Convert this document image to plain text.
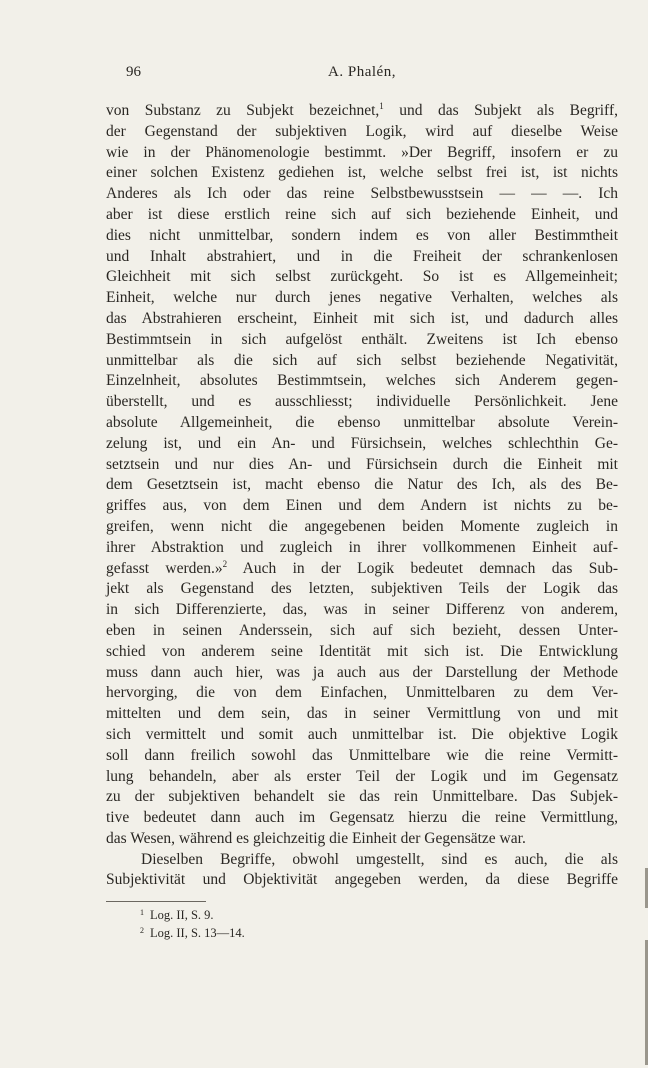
96	A. Phalén,
von Substanz zu Subjekt bezeichnet,$^1$ und das Subjekt als Begriff,
der Gegenstand der subjektiven Logik, wird auf dieselbe Weise
wie in der Phänomenologie bestimmt. »Der Begriff, insofern er zu
einer solchen Existenz gediehen ist, welche selbst frei ist, ist nichts
Anderes als Ich oder das reine Selbstbewusstsein — — —. Ich
aber ist diese erstlich reine sich auf sich beziehende Einheit, und
dies nicht unmittelbar, sondern indem es von aller Bestimmtheit
und Inhalt abstrahiert, und in die Freiheit der schrankenlosen
Gleichheit mit sich selbst zurückgeht. So ist es Allgemeinheit;
Einheit, welche nur durch jenes negative Verhalten, welches als
das Abstrahieren erscheint, Einheit mit sich ist, und dadurch alles
Bestimmtsein in sich aufgelöst enthält. Zweitens ist Ich ebenso
unmittelbar als die sich auf sich selbst beziehende Negativität,
Einzelnheit, absolutes Bestimmtsein, welches sich Anderem gegen-
überstellt, und es ausschliesst; individuelle Persönlichkeit. Jene
absolute Allgemeinheit, die ebenso unmittelbar absolute Verein-
zelung ist, und ein An- und Fürsichsein, welches schlechthin Ge-
setztsein und nur dies An- und Fürsichsein durch die Einheit mit
dem Gesetztsein ist, macht ebenso die Natur des Ich, als des Be-
griffes aus, von dem Einen und dem Andern ist nichts zu be-
greifen, wenn nicht die angegebenen beiden Momente zugleich in
ihrer Abstraktion und zugleich in ihrer vollkommenen Einheit auf-
gefasst werden.»$^2$ Auch in der Logik bedeutet demnach das Sub-
jekt als Gegenstand des letzten, subjektiven Teils der Logik das
in sich Differenzierte, das, was in seiner Differenz von anderem,
eben in seinen Anderssein, sich auf sich bezieht, dessen Unter-
schied von anderem seine Identität mit sich ist. Die Entwicklung
muss dann auch hier, was ja auch aus der Darstellung der Methode
hervorging, die von dem Einfachen, Unmittelbaren zu dem Ver-
mittelten und dem sein, das in seiner Vermittlung von und mit
sich vermittelt und somit auch unmittelbar ist. Die objektive Logik
soll dann freilich sowohl das Unmittelbare wie die reine Vermitt-
lung behandeln, aber als erster Teil der Logik und im Gegensatz
zu der subjektiven behandelt sie das rein Unmittelbare. Das Subjek-
tive bedeutet dann auch im Gegensatz hierzu die reine Vermittlung,
das Wesen, während es gleichzeitig die Einheit der Gegensätze war.
Dieselben Begriffe, obwohl umgestellt, sind es auch, die als
Subjektivität und Objektivität angegeben werden, da diese Begriffe
$^1$ Log. II, S. 9.
$^2$ Log. II, S. 13—14.
